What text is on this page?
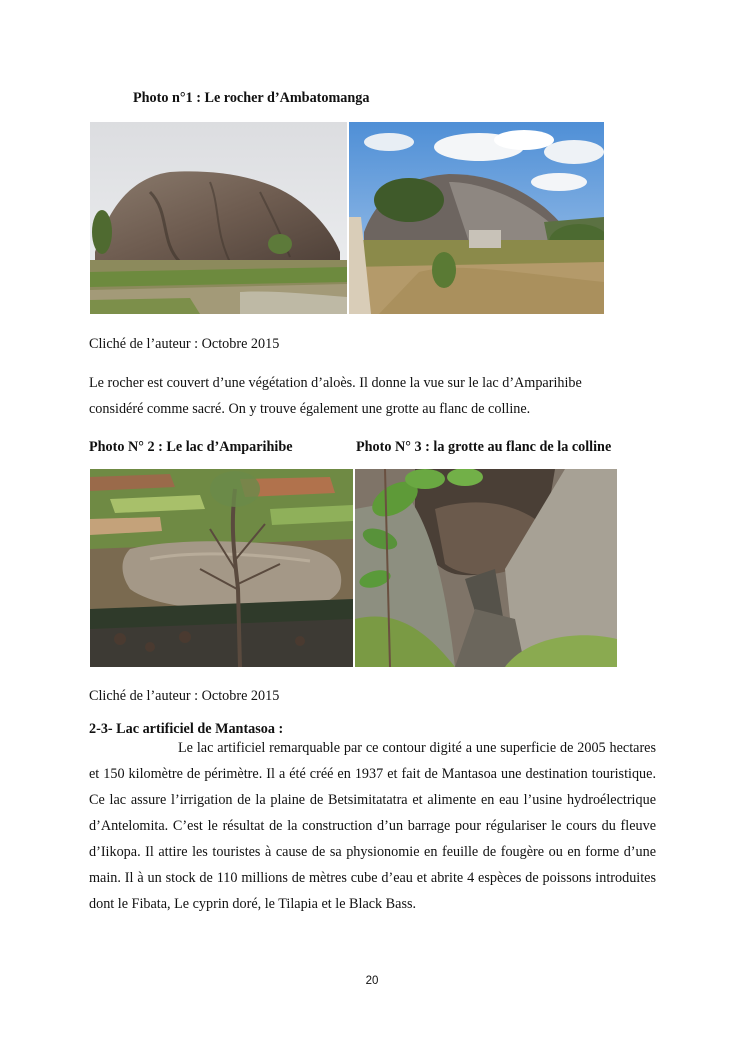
Photo n°1 : Le rocher d’Ambatomanga
Cliché de l’auteur : Octobre 2015
Le rocher est couvert d’une végétation d’aloès. Il donne la vue sur le lac d’Amparihibe
considéré comme sacré. On y trouve également une grotte au flanc de colline.
Photo N° 2 : Le lac d’Amparihibe	Photo N° 3 : la grotte au flanc de la colline
Cliché de l’auteur : Octobre 2015
2-3- Lac artificiel de Mantasoa :
Le lac artificiel remarquable par ce contour digité a une superficie de 2005 hectares et 150 kilomètre de périmètre. Il a été créé en 1937 et fait de Mantasoa une destination touristique. Ce lac assure l’irrigation de la plaine de Betsimitatatra et alimente en eau l’usine hydroélectrique d’Antelomita. C’est le résultat de la construction d’un barrage pour régulariser le cours du fleuve d’Iikopa. Il attire les touristes à cause de sa physionomie en feuille de fougère ou en forme d’une main. Il à un stock de 110 millions de mètres cube d’eau et abrite 4 espèces de poissons introduites dont le Fibata, Le cyprin doré, le Tilapia et le Black Bass.
20
